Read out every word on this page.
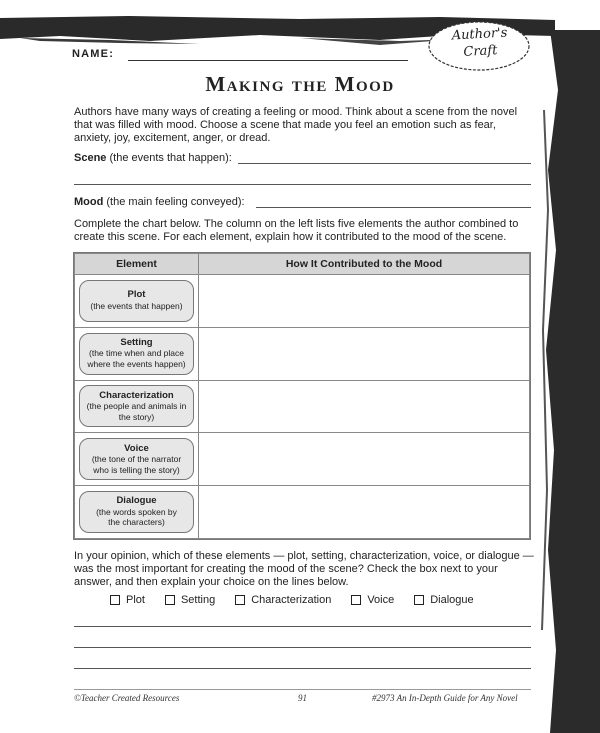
Author's
Craft
NAME:
Making the Mood
Authors have many ways of creating a feeling or mood. Think about a scene from the novel that was filled with mood. Choose a scene that made you feel an emotion such as fear, anxiety, joy, excitement, anger, or dread.
Scene (the events that happen):
Mood (the main feeling conveyed):
Complete the chart below. The column on the left lists five elements the author combined to create this scene. For each element, explain how it contributed to the mood of the scene.
Element	How It Contributed to the Mood

Plot
(the events that happen)	

Setting
(the time when and place where the events happen)	

Characterization
(the people and animals in the story)	

Voice
(the tone of the narrator who is telling the story)	

Dialogue
(the words spoken by the characters)	

In your opinion, which of these elements — plot, setting, characterization, voice, or dialogue — was the most important for creating the mood of the scene? Check the box next to your answer, and then explain your choice on the lines below.
Plot	Setting	Characterization	Voice	Dialogue
©Teacher Created Resources	91	#2973 An In-Depth Guide for Any Novel
